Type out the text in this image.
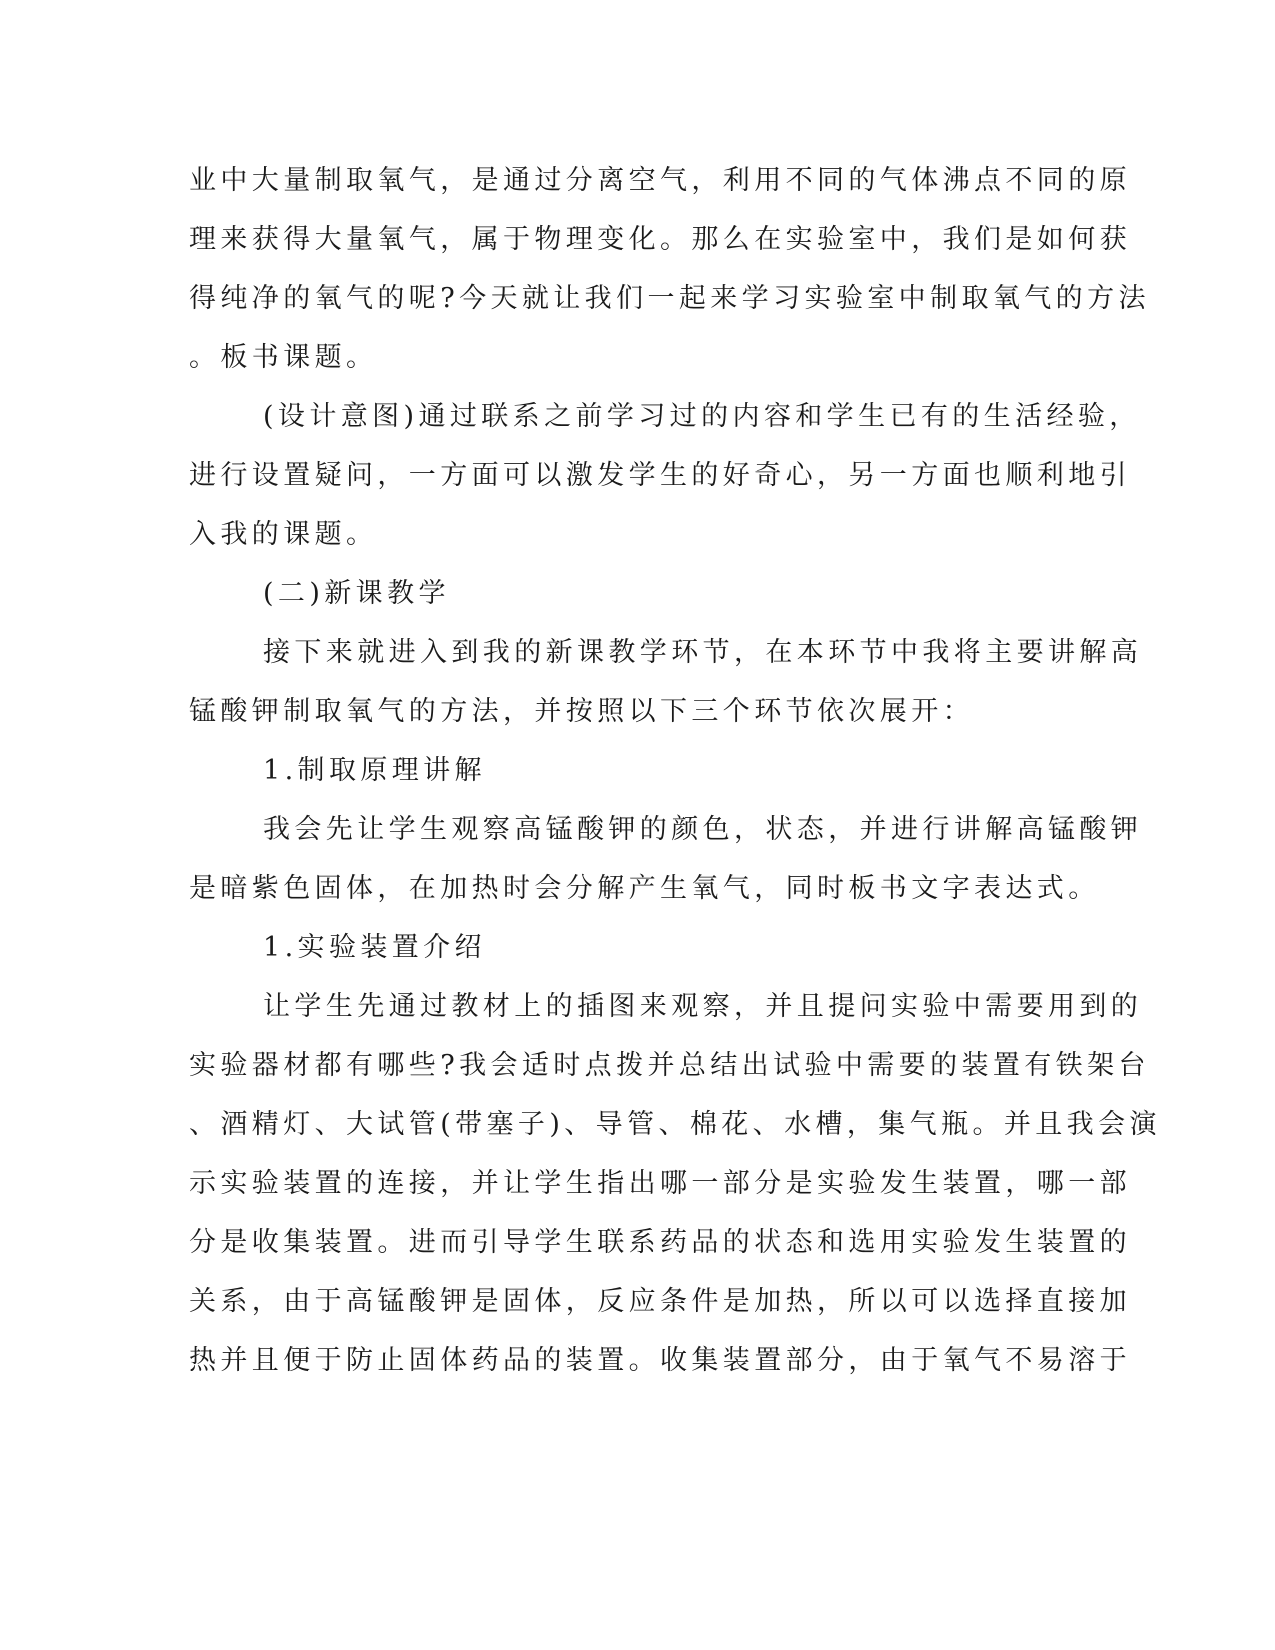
业中大量制取氧气，是通过分离空气，利用不同的气体沸点不同的原
理来获得大量氧气，属于物理变化。那么在实验室中，我们是如何获
得纯净的氧气的呢?今天就让我们一起来学习实验室中制取氧气的方法
。板书课题。
(设计意图)通过联系之前学习过的内容和学生已有的生活经验，
进行设置疑问，一方面可以激发学生的好奇心，另一方面也顺利地引
入我的课题。
(二)新课教学
接下来就进入到我的新课教学环节，在本环节中我将主要讲解高
锰酸钾制取氧气的方法，并按照以下三个环节依次展开：
1.制取原理讲解
我会先让学生观察高锰酸钾的颜色，状态，并进行讲解高锰酸钾
是暗紫色固体，在加热时会分解产生氧气，同时板书文字表达式。
1.实验装置介绍
让学生先通过教材上的插图来观察，并且提问实验中需要用到的
实验器材都有哪些?我会适时点拨并总结出试验中需要的装置有铁架台
、酒精灯、大试管(带塞子)、导管、棉花、水槽，集气瓶。并且我会演
示实验装置的连接，并让学生指出哪一部分是实验发生装置，哪一部
分是收集装置。进而引导学生联系药品的状态和选用实验发生装置的
关系，由于高锰酸钾是固体，反应条件是加热，所以可以选择直接加
热并且便于防止固体药品的装置。收集装置部分，由于氧气不易溶于
